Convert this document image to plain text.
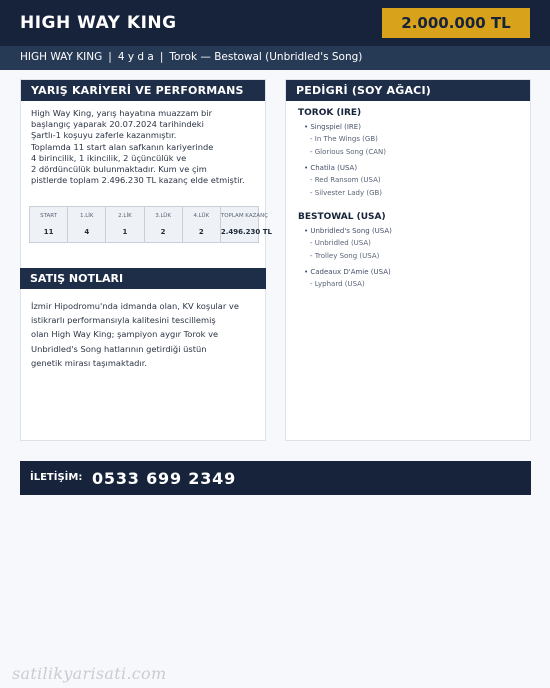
HIGH WAY KING	2.000.000 TL
HIGH WAY KING | 4 y d a | Torok — Bestowal (Unbridled's Song)
YARIŞ KARİYERİ VE PERFORMANS

High Way King, yarış hayatına muazzam bir

başlangıç yaparak 20.07.2024 tarihindeki

Şartlı-1 koşuyu zaferle kazanmıştır.

Toplamda 11 start alan safkanın kariyerinde

4 birincilik, 1 ikincilik, 2 üçüncülük ve

2 dördüncülük bulunmaktadır. Kum ve çim

pistlerde toplam 2.496.230 TL kazanç elde etmiştir.

START
11
1.LİK
4
2.LİK
1
3.LÜK
2
4.LÜK
2
TOPLAM KAZANÇ
2.496.230 TL
SATIŞ NOTLARI
İzmir Hipodromu'nda idmanda olan, KV koşular ve
istikrarlı performansıyla kalitesini tescillemiş
olan High Way King; şampiyon aygır Torok ve
Unbridled's Song hatlarının getirdiği üstün
genetik mirası taşımaktadır.
PEDİGRİ (SOY AĞACI)
TOROK (IRE)
• Singspiel (IRE)
- In The Wings (GB)
- Glorious Song (CAN)
• Chatila (USA)
- Red Ransom (USA)
- Silvester Lady (GB)
BESTOWAL (USA)
• Unbridled's Song (USA)
- Unbridled (USA)
- Trolley Song (USA)
• Cadeaux D'Amie (USA)
- Lyphard (USA)
İLETİŞİM: 0533 699 2349
satilikyarisati.com
